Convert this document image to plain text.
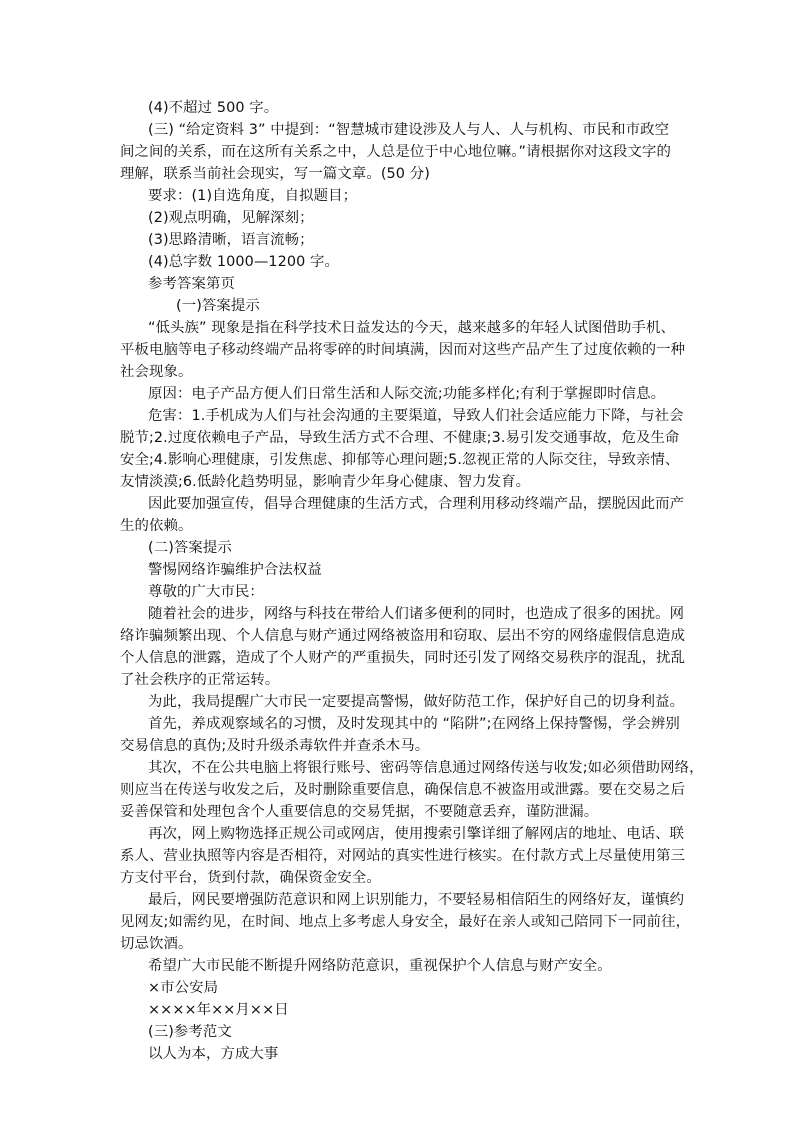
(4)不超过 500 字。

(三) “给定资料 3” 中提到：“智慧城市建设涉及人与人、人与机构、市民和市政空

间之间的关系，而在这所有关系之中，人总是位于中心地位嘛。”请根据你对这段文字的

理解，联系当前社会现实，写一篇文章。(50 分)

要求：(1)自选角度，自拟题目；

(2)观点明确，见解深刻；

(3)思路清晰，语言流畅；

(4)总字数 1000—1200 字。

参考答案第页

(一)答案提示

“低头族” 现象是指在科学技术日益发达的今天，越来越多的年轻人试图借助手机、

平板电脑等电子移动终端产品将零碎的时间填满，因而对这些产品产生了过度依赖的一种

社会现象。

原因：电子产品方便人们日常生活和人际交流;功能多样化;有利于掌握即时信息。

危害：1.手机成为人们与社会沟通的主要渠道，导致人们社会适应能力下降，与社会

脱节;2.过度依赖电子产品，导致生活方式不合理、不健康;3.易引发交通事故，危及生命

安全;4.影响心理健康，引发焦虑、抑郁等心理问题;5.忽视正常的人际交往，导致亲情、

友情淡漠;6.低龄化趋势明显，影响青少年身心健康、智力发育。

因此要加强宣传，倡导合理健康的生活方式，合理利用移动终端产品，摆脱因此而产

生的依赖。

(二)答案提示

警惕网络诈骗维护合法权益

尊敬的广大市民：

随着社会的进步，网络与科技在带给人们诸多便利的同时，也造成了很多的困扰。网

络诈骗频繁出现、个人信息与财产通过网络被盗用和窃取、层出不穷的网络虚假信息造成

个人信息的泄露，造成了个人财产的严重损失，同时还引发了网络交易秩序的混乱，扰乱

了社会秩序的正常运转。

为此，我局提醒广大市民一定要提高警惕，做好防范工作，保护好自己的切身利益。

首先，养成观察域名的习惯，及时发现其中的 “陷阱”;在网络上保持警惕，学会辨别

交易信息的真伪;及时升级杀毒软件并查杀木马。

其次，不在公共电脑上将银行账号、密码等信息通过网络传送与收发;如必须借助网络，

则应当在传送与收发之后，及时删除重要信息，确保信息不被盗用或泄露。要在交易之后

妥善保管和处理包含个人重要信息的交易凭据，不要随意丢弃，谨防泄漏。

再次，网上购物选择正规公司或网店，使用搜索引擎详细了解网店的地址、电话、联

系人、营业执照等内容是否相符，对网站的真实性进行核实。在付款方式上尽量使用第三

方支付平台，货到付款，确保资金安全。

最后，网民要增强防范意识和网上识别能力，不要轻易相信陌生的网络好友，谨慎约

见网友;如需约见，在时间、地点上多考虑人身安全，最好在亲人或知己陪同下一同前往，

切忌饮酒。

希望广大市民能不断提升网络防范意识，重视保护个人信息与财产安全。

×市公安局

××××年××月××日

(三)参考范文

以人为本，方成大事
